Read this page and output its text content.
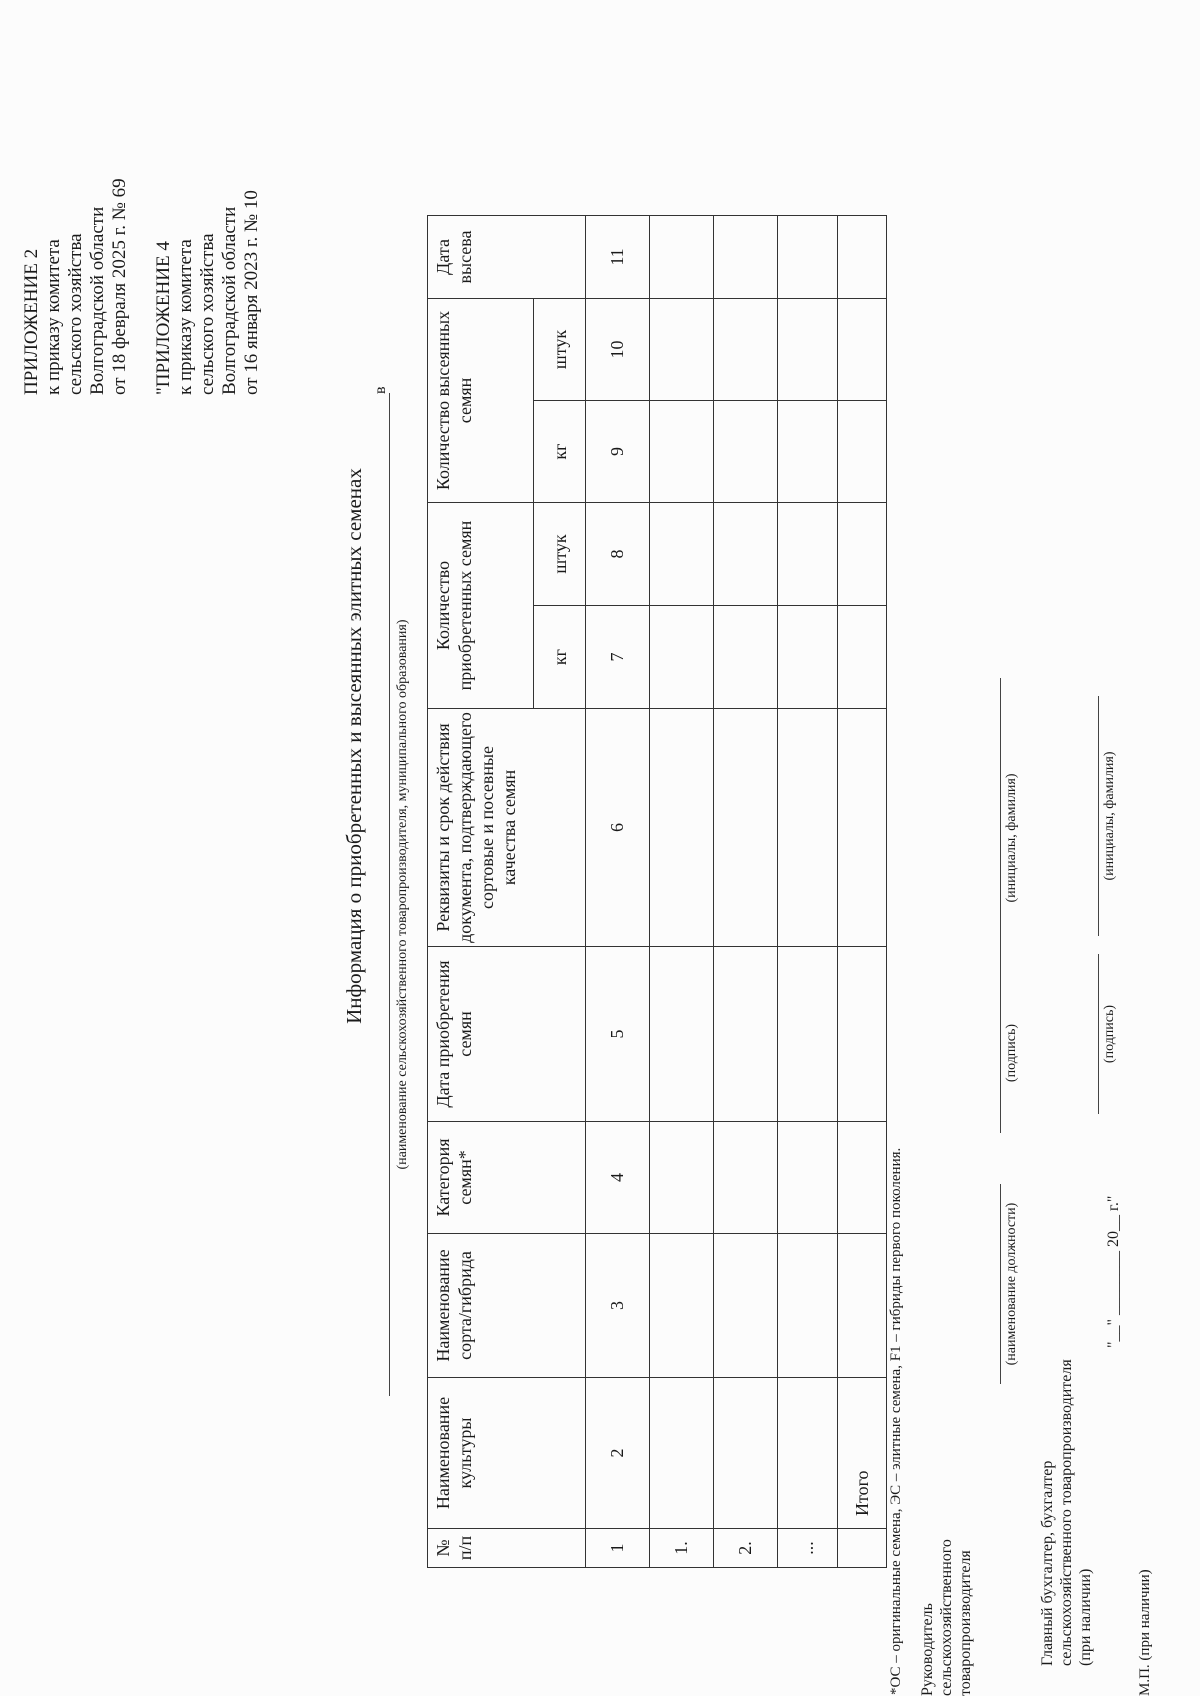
ПРИЛОЖЕНИЕ 2 к приказу комитета сельского хозяйства Волгоградской области от 18 февраля 2025 г. № 69 "ПРИЛОЖЕНИЕ 4 к приказу комитета сельского хозяйства Волгоградской области от 16 января 2023 г. № 10
Информация о приобретенных и высеянных элитных семенах
в
(наименование сельскохозяйственного товаропроизводителя, муниципального образования)
№ п/п	Наименование культуры	Наименование сорта/гибрида	Категория семян*	Дата приобретения семян	Реквизиты и срок действия документа, подтверждающего сортовые и посевные качества семян	Количество приобретенных семян		Количество высеянных семян		Дата высева
						кг	штук	кг	штук	
1	2	3	4	5	6	7	8	9	10	11
1.										
2.										
...										
	Итого									*ОС – оригинальные семена, ЭС – элитные семена, F1 – гибриды первого поколения. Руководитель сельскохозяйственного товаропроизводителя
(наименование должности)
(подпись)
(инициалы, фамилия)
Главный бухгалтер, бухгалтер сельскохозяйственного товаропроизводителя (при наличии)
(подпись)
(инициалы, фамилия)
М.П. (при наличии)
"__" ________ 20__ г."
